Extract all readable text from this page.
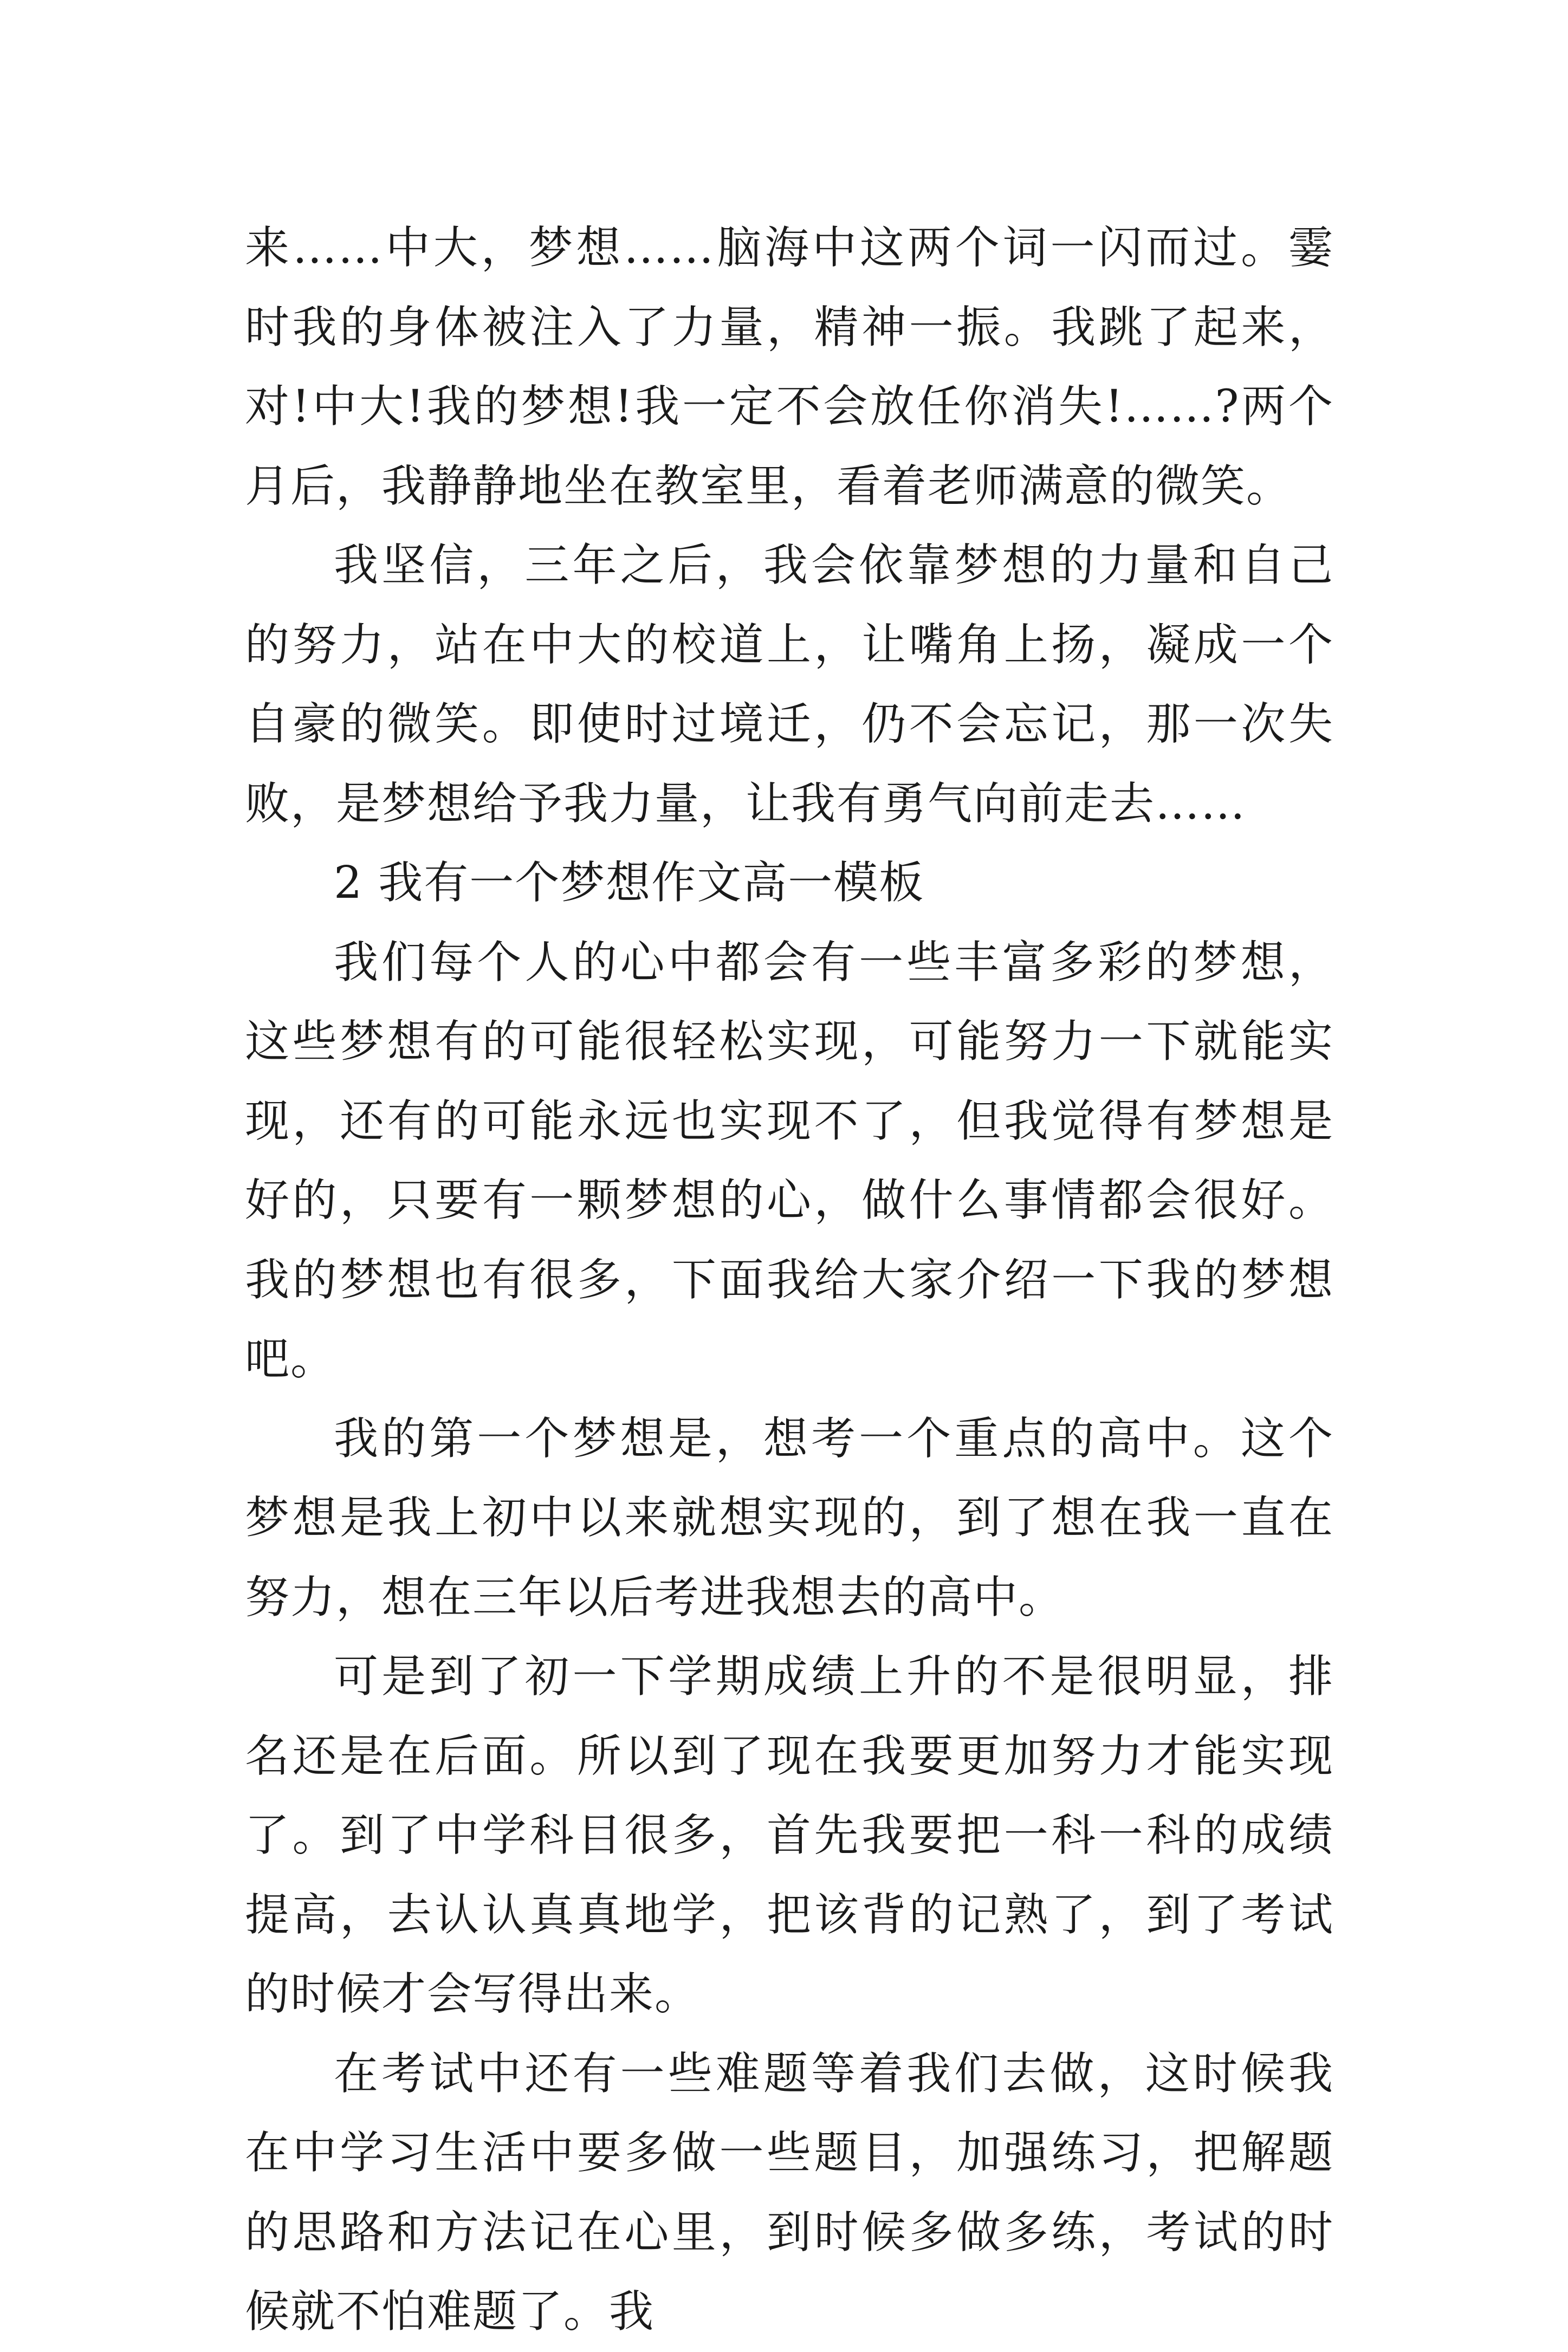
来……中大，梦想……脑海中这两个词一闪而过。霎时我的身体被注入了力量，精神一振。我跳了起来，对!中大!我的梦想!我一定不会放任你消失!……?两个月后，我静静地坐在教室里，看着老师满意的微笑。

我坚信，三年之后，我会依靠梦想的力量和自己的努力，站在中大的校道上，让嘴角上扬，凝成一个自豪的微笑。即使时过境迁，仍不会忘记，那一次失败，是梦想给予我力量，让我有勇气向前走去……

2 我有一个梦想作文高一模板

我们每个人的心中都会有一些丰富多彩的梦想，这些梦想有的可能很轻松实现，可能努力一下就能实现，还有的可能永远也实现不了，但我觉得有梦想是好的，只要有一颗梦想的心，做什么事情都会很好。我的梦想也有很多，下面我给大家介绍一下我的梦想吧。

我的第一个梦想是，想考一个重点的高中。这个梦想是我上初中以来就想实现的，到了想在我一直在努力，想在三年以后考进我想去的高中。

可是到了初一下学期成绩上升的不是很明显，排名还是在后面。所以到了现在我要更加努力才能实现了。到了中学科目很多，首先我要把一科一科的成绩提高，去认认真真地学，把该背的记熟了，到了考试的时候才会写得出来。

在考试中还有一些难题等着我们去做，这时候我在中学习生活中要多做一些题目，加强练习，把解题的思路和方法记在心里，到时候多做多练，考试的时候就不怕难题了。我
